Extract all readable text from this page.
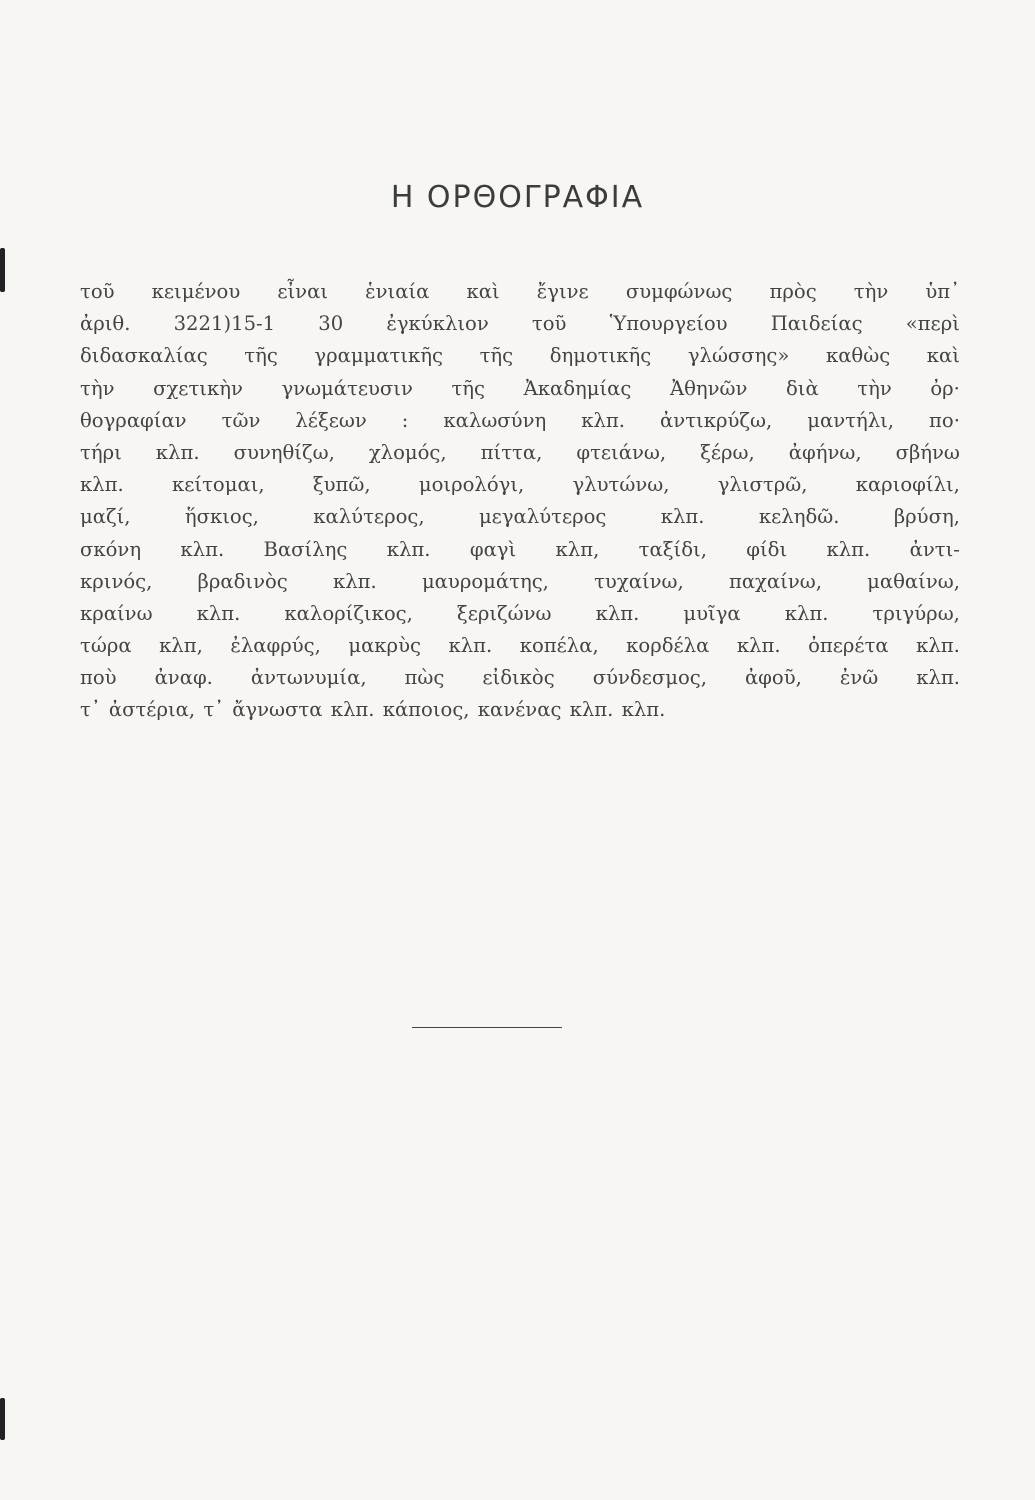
Η ΟΡΘΟΓΡΑΦΙΑ
τοῦ κειμένου εἶναι ἑνιαία καὶ ἔγινε συμφώνως πρὸς τὴν ὑπ᾽
ἀριθ. 3221)15-1 30 ἐγκύκλιον τοῦ Ὑπουργείου Παιδείας «περὶ
διδασκαλίας τῆς γραμματικῆς τῆς δημοτικῆς γλώσσης» καθὼς καὶ
τὴν σχετικὴν γνωμάτευσιν τῆς Ἀκαδημίας Ἀθηνῶν διὰ τὴν ὀρ·
θογραφίαν τῶν λέξεων : καλωσύνη κλπ. ἀντικρύζω, μαντήλι, πο·
τήρι κλπ. συνηθίζω, χλομός, πίττα, φτειάνω, ξέρω, ἀφήνω, σβήνω
κλπ. κείτομαι, ξυπῶ, μοιρολόγι, γλυτώνω, γλιστρῶ, καριοφίλι,
μαζί,	ἥσκιος,	καλύτερος,	μεγαλύτερος	κλπ.	κεληδῶ.	βρύση,
σκόνη κλπ. Βασίλης κλπ. φαγὶ κλπ, ταξίδι, φίδι κλπ. ἀντι-
κρινός, βραδινὸς κλπ. μαυρομάτης, τυχαίνω, παχαίνω, μαθαίνω,
κραίνω κλπ. καλορίζικος, ξεριζώνω κλπ. μυῖγα κλπ. τριγύρω,
τώρα κλπ, ἐλαφρύς, μακρὺς κλπ. κοπέλα, κορδέλα κλπ. ὀπερέτα κλπ.
ποὺ ἀναφ. ἀντωνυμία, πὼς εἰδικὸς σύνδεσμος, ἀφοῦ, ἐνῶ κλπ.
τ᾽ ἀστέρια, τ᾽ ἄγνωστα κλπ. κάποιος, κανένας κλπ. κλπ.
